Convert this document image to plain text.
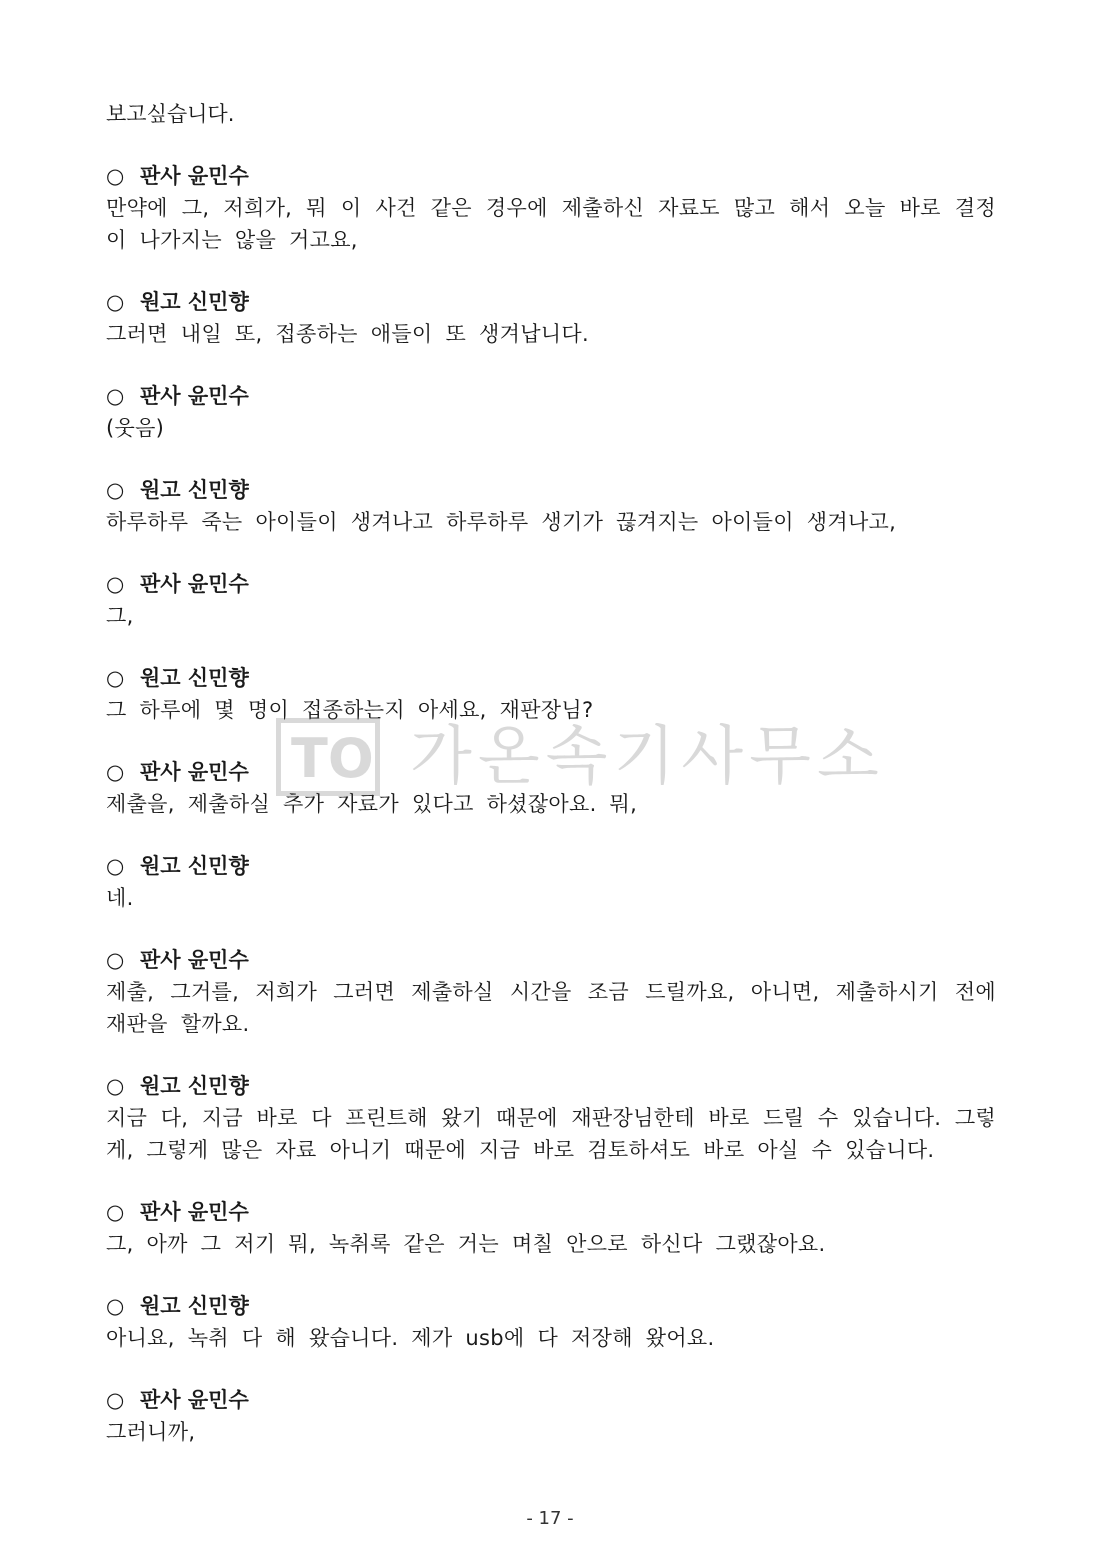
보고싶습니다.
○ 판사 윤민수
만약에 그, 저희가, 뭐 이 사건 같은 경우에 제출하신 자료도 많고 해서 오늘 바로 결정이 나가지는 않을 거고요,
○ 원고 신민향
그러면 내일 또, 접종하는 애들이 또 생겨납니다.
○ 판사 윤민수
(웃음)
○ 원고 신민향
하루하루 죽는 아이들이 생겨나고 하루하루 생기가 끊겨지는 아이들이 생겨나고,
○ 판사 윤민수
그,
○ 원고 신민향
그 하루에 몇 명이 접종하는지 아세요, 재판장님?
○ 판사 윤민수
제출을, 제출하실 추가 자료가 있다고 하셨잖아요. 뭐,
○ 원고 신민향
네.
○ 판사 윤민수
제출, 그거를, 저희가 그러면 제출하실 시간을 조금 드릴까요, 아니면, 제출하시기 전에 재판을 할까요.
○ 원고 신민향
지금 다, 지금 바로 다 프린트해 왔기 때문에 재판장님한테 바로 드릴 수 있습니다. 그렇게, 그렇게 많은 자료 아니기 때문에 지금 바로 검토하셔도 바로 아실 수 있습니다.
○ 판사 윤민수
그, 아까 그 저기 뭐, 녹취록 같은 거는 며칠 안으로 하신다 그랬잖아요.
○ 원고 신민향
아니요, 녹취 다 해 왔습니다. 제가 usb에 다 저장해 왔어요.
○ 판사 윤민수
그러니까,
TO 가온속기사무소
- 17 -
